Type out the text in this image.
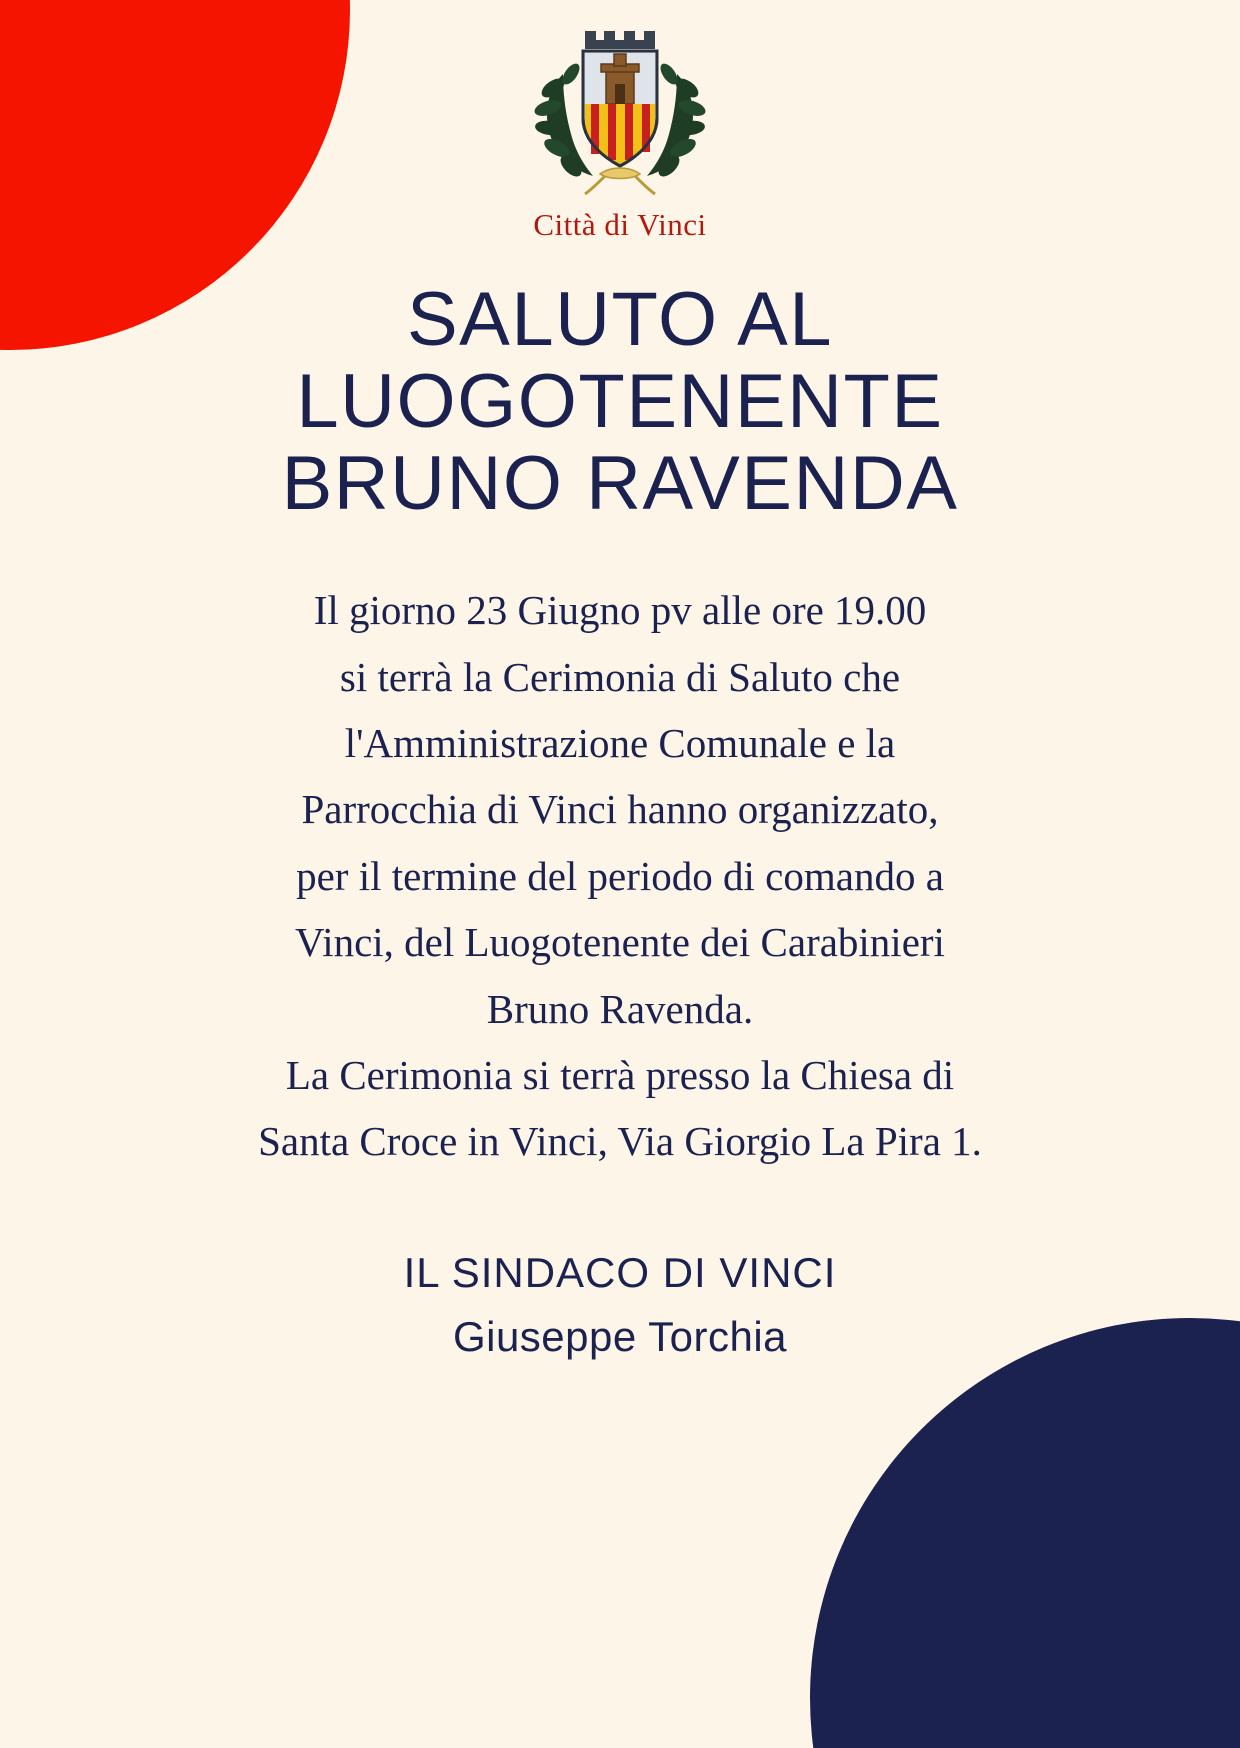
Città di Vinci
SALUTO AL
LUOGOTENENTE
BRUNO RAVENDA

Il giorno 23 Giugno pv alle ore 19.00

si terrà la Cerimonia di Saluto che

l'Amministrazione Comunale e la

Parrocchia di Vinci hanno organizzato,

per il termine del periodo di comando a

Vinci, del Luogotenente dei Carabinieri

Bruno Ravenda.

La Cerimonia si terrà presso la Chiesa di

Santa Croce in Vinci, Via Giorgio La Pira 1.

IL SINDACO DI VINCI
Giuseppe Torchia
